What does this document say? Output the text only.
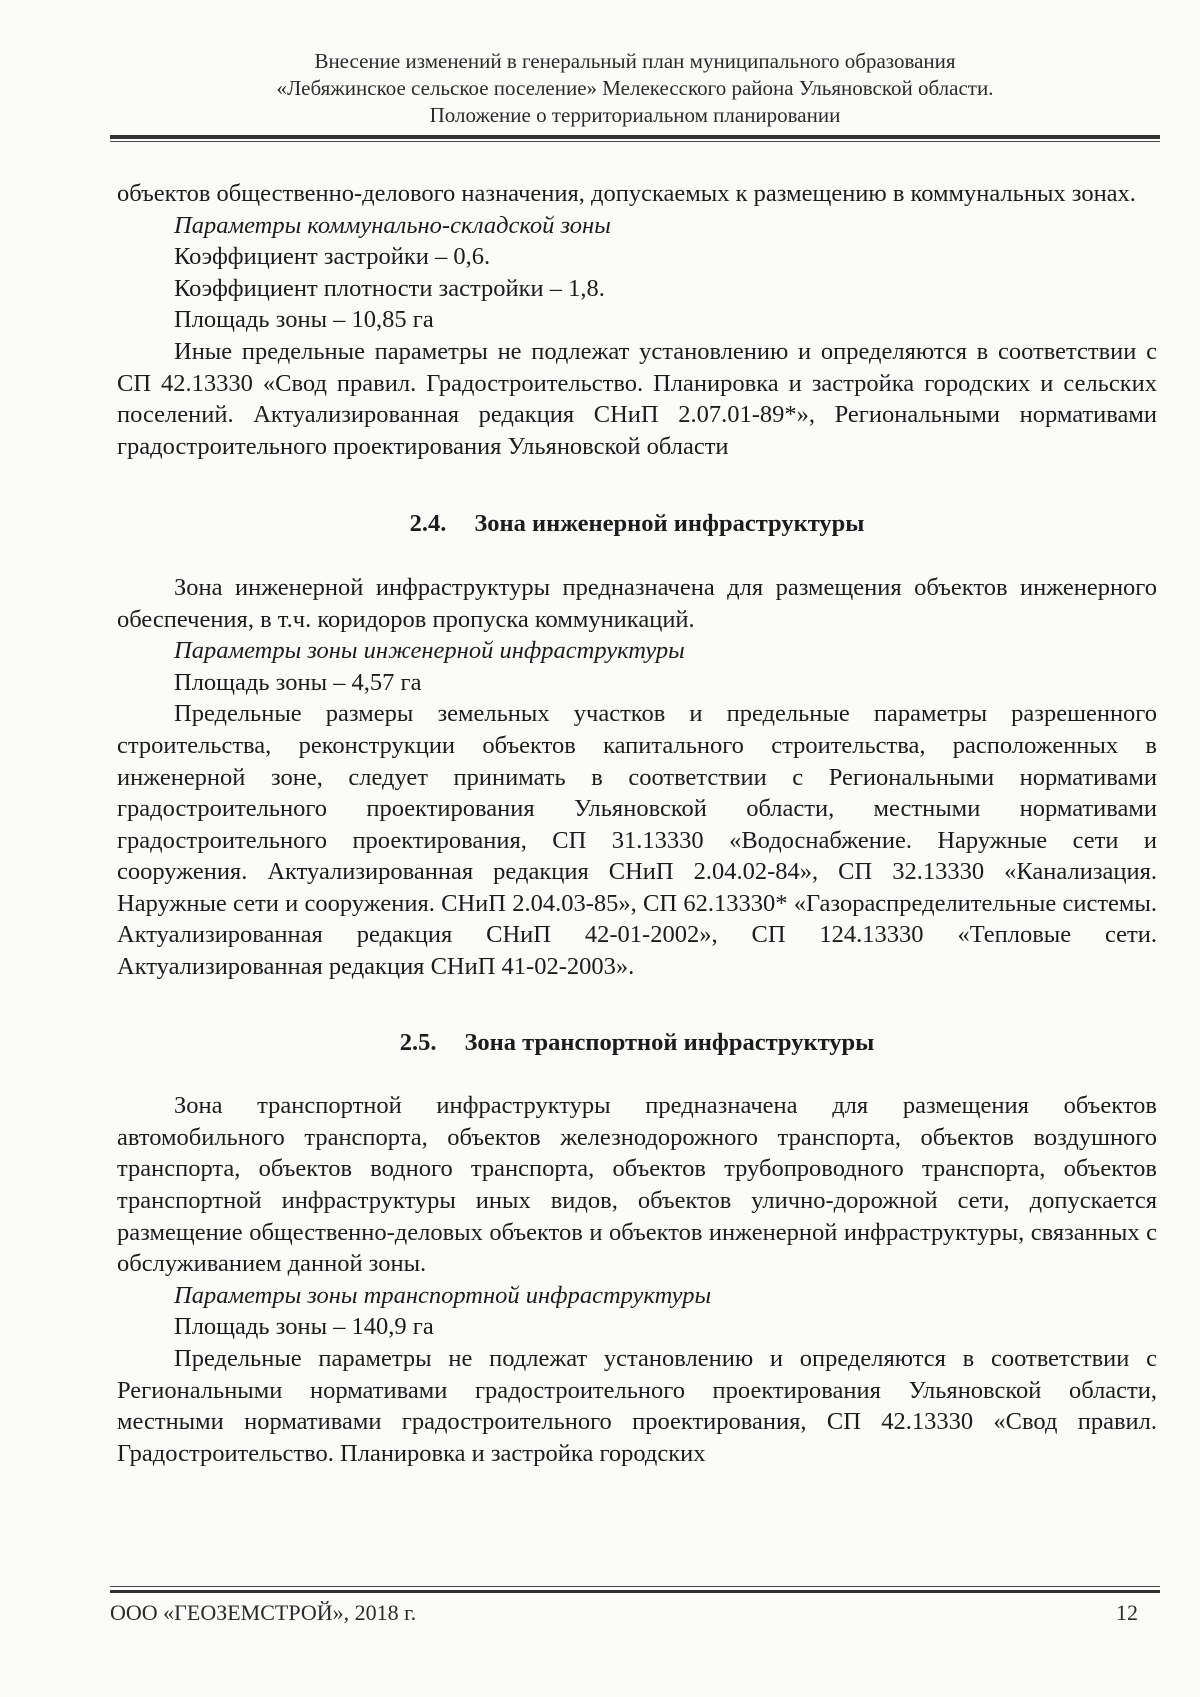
Внесение изменений в генеральный план муниципального образования
«Лебяжинское сельское поселение» Мелекесского района Ульяновской области.
Положение о территориальном планировании

объектов общественно-делового назначения, допускаемых к размещению в коммунальных зонах.

Параметры коммунально-складской зоны

Коэффициент застройки – 0,6.

Коэффициент плотности застройки – 1,8.

Площадь зоны – 10,85 га

Иные предельные параметры не подлежат установлению и определяются в соответствии с СП 42.13330 «Свод правил. Градостроительство. Планировка и застройка городских и сельских поселений. Актуализированная редакция СНиП 2.07.01-89*», Региональными нормативами градостроительного проектирования Ульяновской области

2.4. Зона инженерной инфраструктуры

Зона инженерной инфраструктуры предназначена для размещения объектов инженерного обеспечения, в т.ч. коридоров пропуска коммуникаций.

Параметры зоны инженерной инфраструктуры

Площадь зоны – 4,57 га

Предельные размеры земельных участков и предельные параметры разрешенного строительства, реконструкции объектов капитального строительства, расположенных в инженерной зоне, следует принимать в соответствии с Региональными нормативами градостроительного проектирования Ульяновской области, местными нормативами градостроительного проектирования, СП 31.13330 «Водоснабжение. Наружные сети и сооружения. Актуализированная редакция СНиП 2.04.02-84», СП 32.13330 «Канализация. Наружные сети и сооружения. СНиП 2.04.03-85», СП 62.13330* «Газораспределительные системы. Актуализированная редакция СНиП 42-01-2002», СП 124.13330 «Тепловые сети. Актуализированная редакция СНиП 41-02-2003».

2.5. Зона транспортной инфраструктуры

Зона транспортной инфраструктуры предназначена для размещения объектов автомобильного транспорта, объектов железнодорожного транспорта, объектов воздушного транспорта, объектов водного транспорта, объектов трубопроводного транспорта, объектов транспортной инфраструктуры иных видов, объектов улично-дорожной сети, допускается размещение общественно-деловых объектов и объектов инженерной инфраструктуры, связанных с обслуживанием данной зоны.

Параметры зоны транспортной инфраструктуры

Площадь зоны – 140,9 га

Предельные параметры не подлежат установлению и определяются в соответствии с Региональными нормативами градостроительного проектирования Ульяновской области, местными нормативами градостроительного проектирования, СП 42.13330 «Свод правил. Градостроительство. Планировка и застройка городских

ООО «ГЕОЗЕМСТРОЙ», 2018 г.	12
